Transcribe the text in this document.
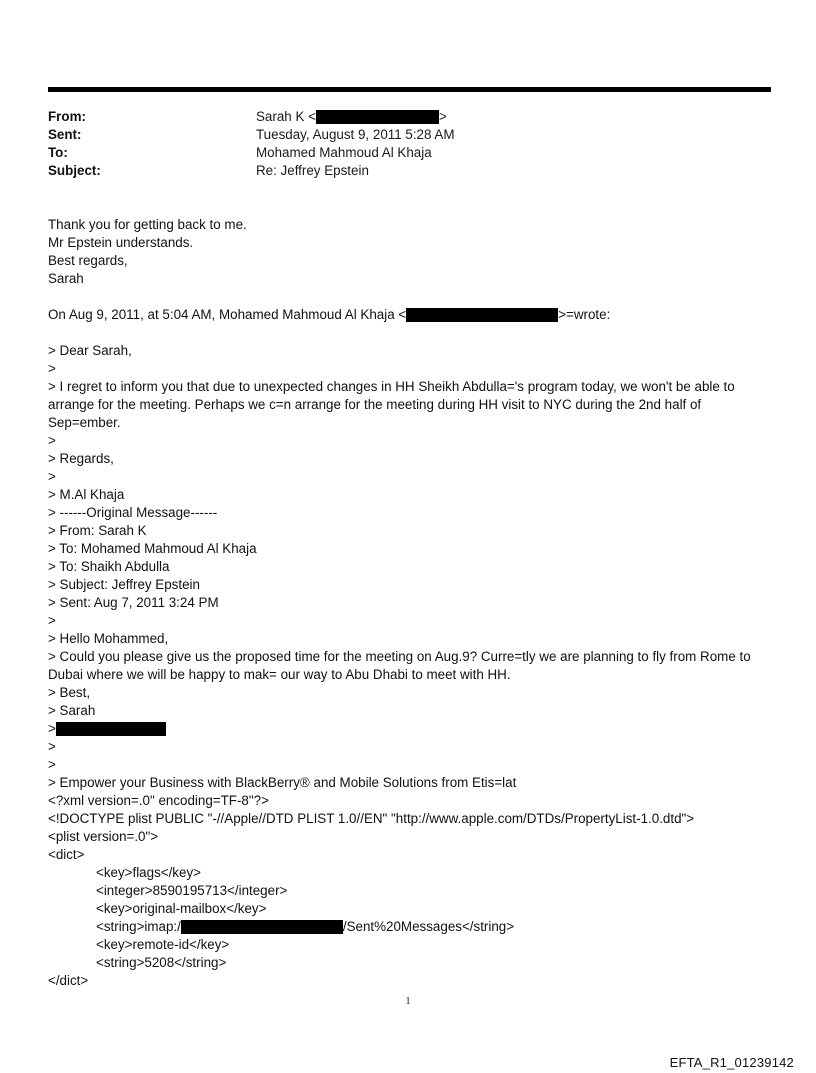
From:	Sarah K <	>
Sent:	Tuesday, August 9, 2011 5:28 AM
To:	Mohamed Mahmoud Al Khaja
Subject:	Re: Jeffrey Epstein
Thank you for getting back to me.
Mr Epstein understands.
Best regards,
Sarah
On Aug 9, 2011, at 5:04 AM, Mohamed Mahmoud Al Khaja <	>=wrote:
> Dear Sarah,
>
> I regret to inform you that due to unexpected changes in HH Sheikh Abdulla='s program today, we won't be able to arrange for the meeting. Perhaps we c=n arrange for the meeting during HH visit to NYC during the 2nd half of Sep=ember.
>
> Regards,
>
> M.Al Khaja
> ------Original Message------
> From: Sarah K
> To: Mohamed Mahmoud Al Khaja
> To: Shaikh Abdulla
> Subject: Jeffrey Epstein
> Sent: Aug 7, 2011 3:24 PM
>
> Hello Mohammed,
> Could you please give us the proposed time for the meeting on Aug.9? Curre=tly we are planning to fly from Rome to Dubai where we will be happy to mak= our way to Abu Dhabi to meet with HH.
> Best,
> Sarah
>
>
>
> Empower your Business with BlackBerry® and Mobile Solutions from Etis=lat
<?xml version=.0" encoding=TF-8"?>
<!DOCTYPE plist PUBLIC "-//Apple//DTD PLIST 1.0//EN" "http://www.apple.com/DTDs/PropertyList-1.0.dtd">
<plist version=.0">
<dict>
<key>flags</key>
<integer>8590195713</integer>
<key>original-mailbox</key>
<string>imap:/	/Sent%20Messages</string>
<key>remote-id</key>
<string>5208</string>
</dict>
1
EFTA_R1_01239142
